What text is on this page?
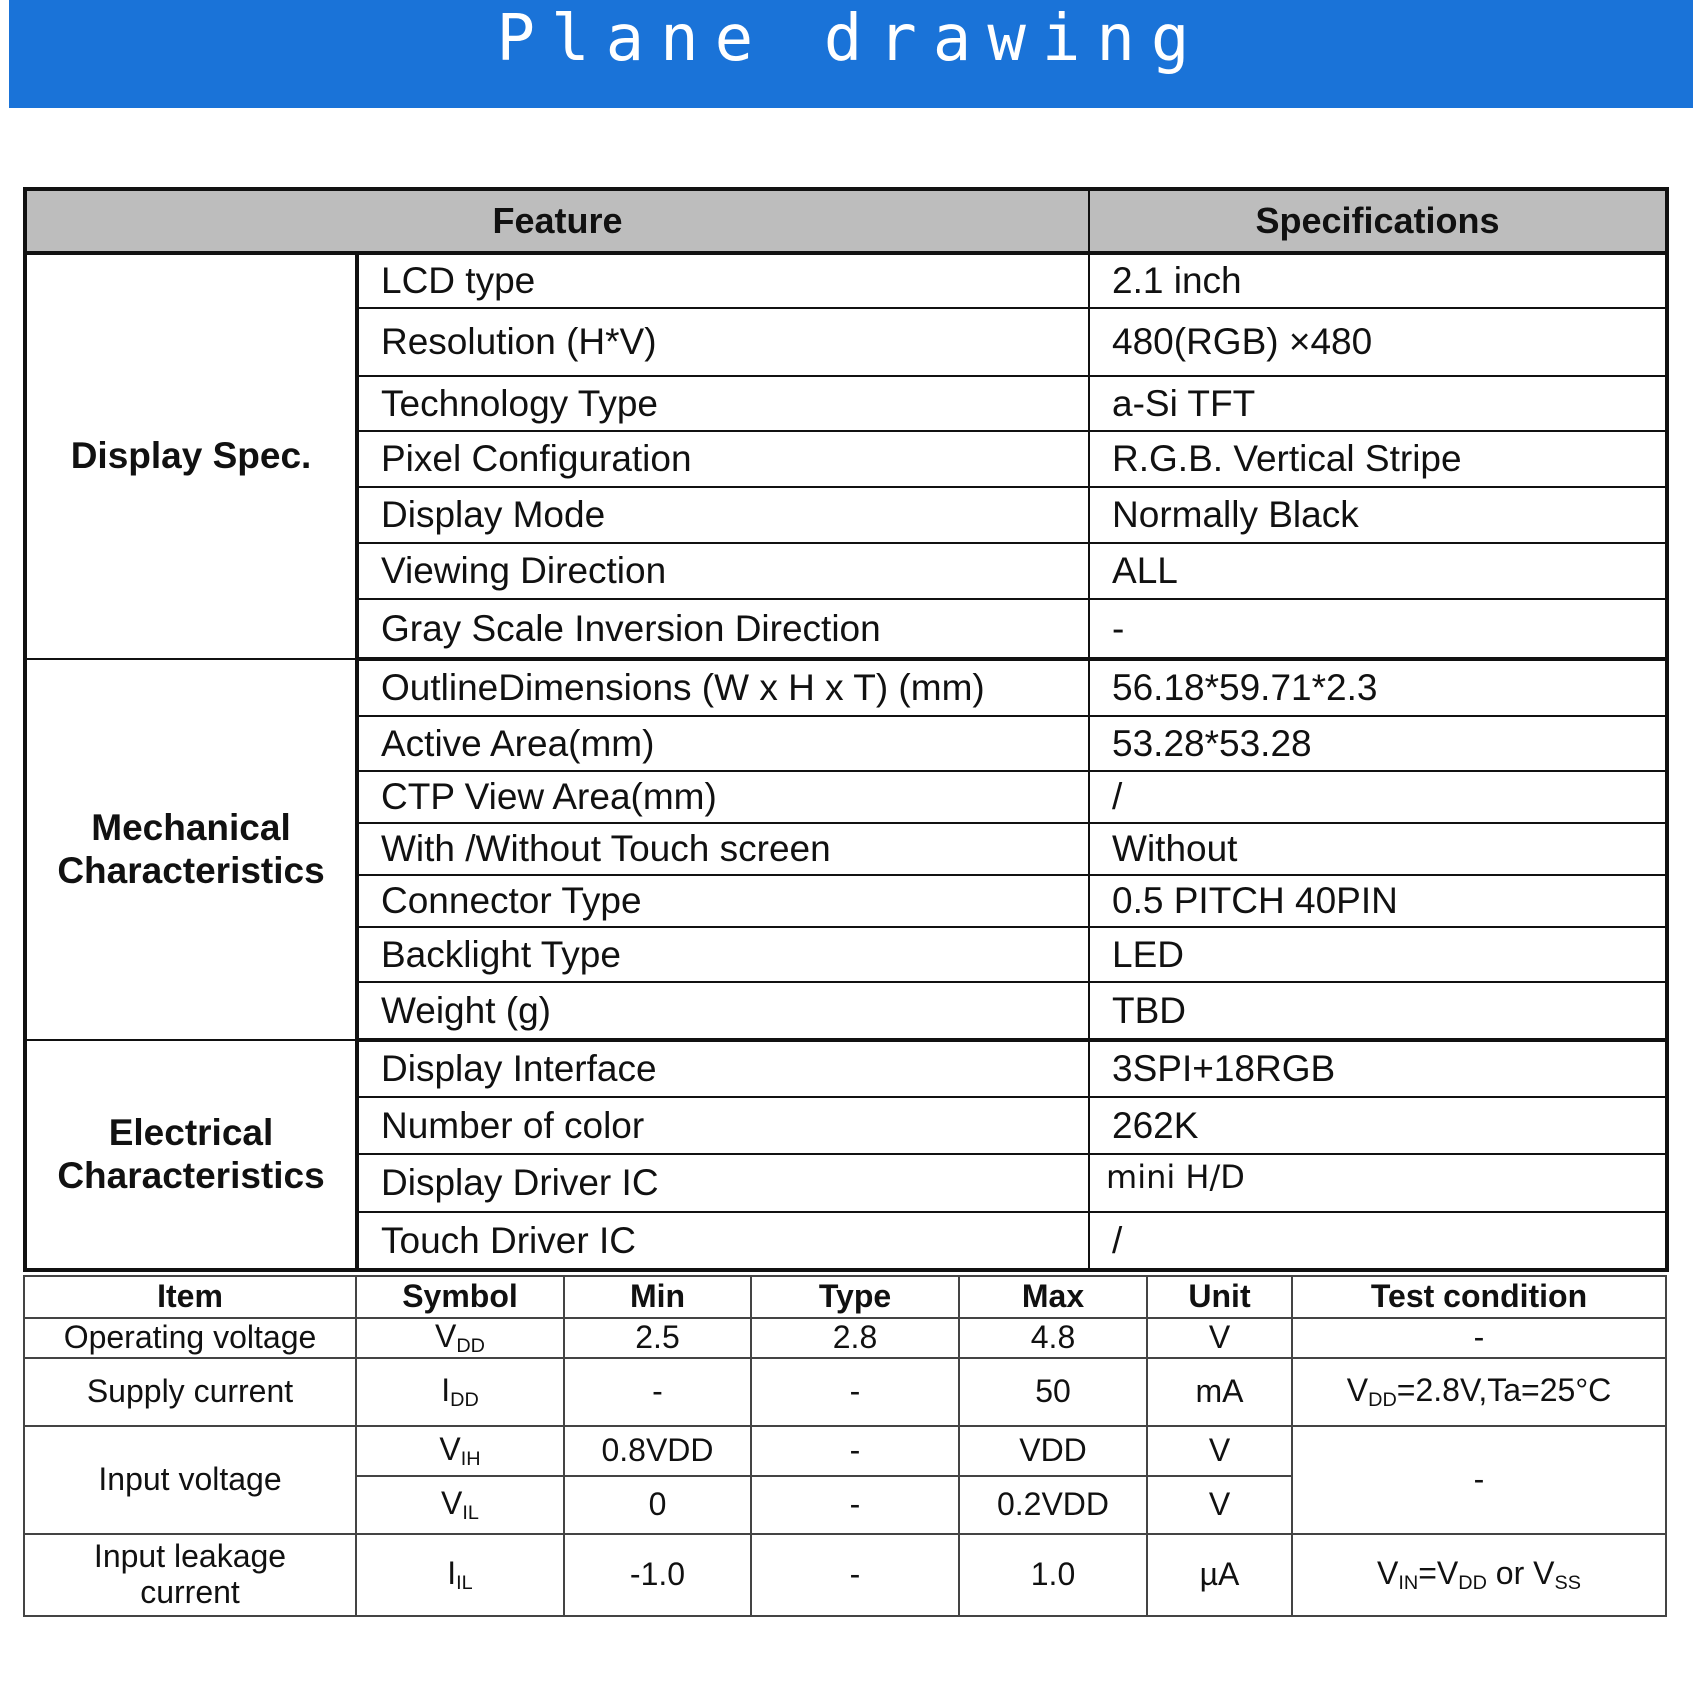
Plane drawing
Feature		Specifications
Display Spec.	LCD type	2.1 inch
	Resolution (H*V)	480(RGB) ×480
	Technology Type	a-Si TFT
	Pixel Configuration	R.G.B. Vertical Stripe
	Display Mode	Normally Black
	Viewing Direction	ALL
	Gray Scale Inversion Direction	-

Mechanical
Characteristics	OutlineDimensions (W x H x T) (mm)	56.18*59.71*2.3
	Active Area(mm)	53.28*53.28
	CTP View Area(mm)	/
	With /Without Touch screen	Without
	Connector Type	0.5 PITCH 40PIN
	Backlight Type	LED
	Weight (g)	TBD

Electrical
Characteristics	Display Interface	3SPI+18RGB
	Number of color	262K
	Display Driver IC	mini H/D
	Touch Driver IC	/
Item	Symbol	Min	Type	Max	Unit	Test condition
Operating voltage	$V_{DD}$	2.5	2.8	4.8	V	-
Supply current	$I_{DD}$	-	-	50	mA	$V_{DD}=2.8V,Ta=25^\circ C$
Input voltage	$V_{IH}$	0.8VDD	-	VDD	V	-
	$V_{IL}$	0	-	0.2VDD	V	

Input leakage
current	$I_{IL}$	-1.0	-	1.0	µA	$V_{IN}=V_{DD}$ or $V_{SS}$
